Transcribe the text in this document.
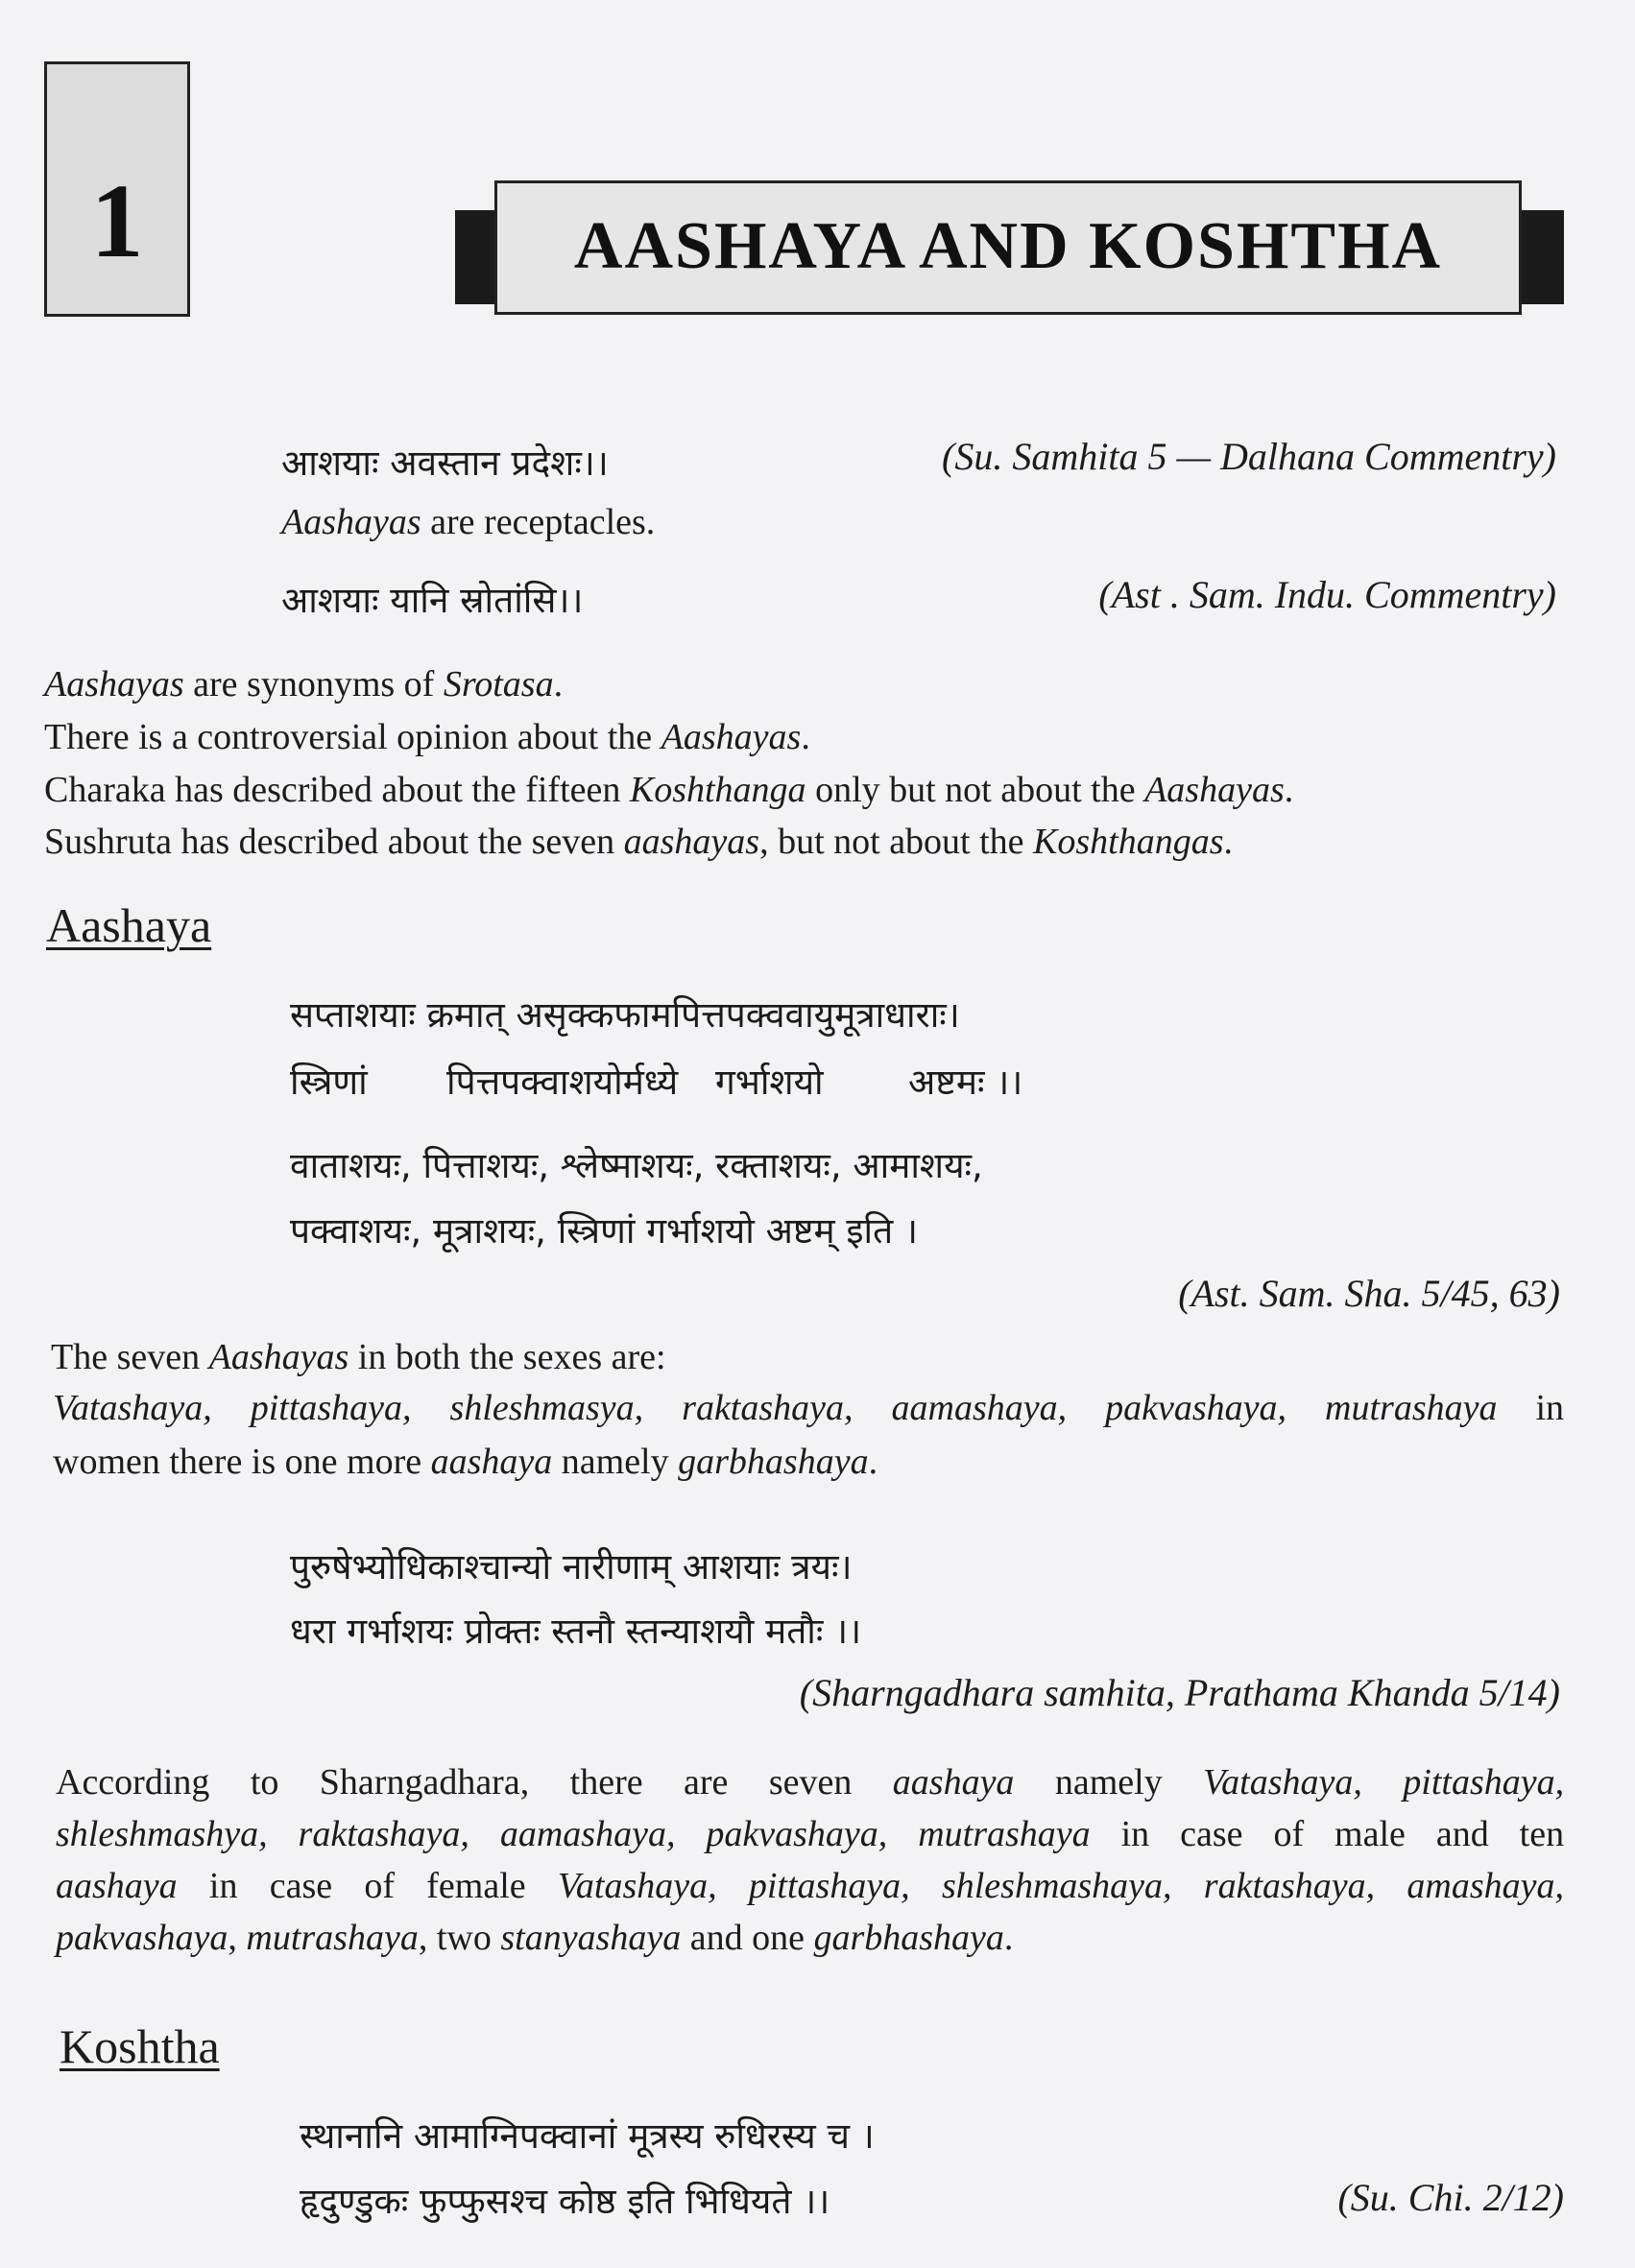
1	AASHAYA AND KOSHTHA
आशयाः अवस्तान प्रदेशः।।	(Su. Samhita 5 — Dalhana Commentry)
Aashayas are receptacles.
आशयाः यानि स्रोतांसि।।	(Ast . Sam. Indu. Commentry)
Aashayas are synonyms of Srotasa.
There is a controversial opinion about the Aashayas.
Charaka has described about the fifteen Koshthanga only but not about the Aashayas.
Sushruta has described about the seven aashayas, but not about the Koshthangas.
Aashaya
सप्ताशयाः क्रमात् असृक्कफामपित्तपक्ववायुमूत्राधाराः।
स्त्रिणां पित्तपक्वाशयोर्मध्ये गर्भाशयो अष्टमः ।।
वाताशयः, पित्ताशयः, श्लेष्माशयः, रक्ताशयः, आमाशयः,
पक्वाशयः, मूत्राशयः, स्त्रिणां गर्भाशयो अष्टम् इति ।
(Ast. Sam. Sha. 5/45, 63)
The seven Aashayas in both the sexes are:
Vatashaya, pittashaya, shleshmasya, raktashaya, aamashaya, pakvashaya, mutrashaya in
women there is one more aashaya namely garbhashaya.
पुरुषेभ्योधिकाश्चान्यो नारीणाम् आशयाः त्रयः।
धरा गर्भाशयः प्रोक्तः स्तनौ स्तन्याशयौ मतौः ।।
(Sharngadhara samhita, Prathama Khanda 5/14)
According to Sharngadhara, there are seven aashaya namely Vatashaya, pittashaya,
shleshmashya, raktashaya, aamashaya, pakvashaya, mutrashaya in case of male and ten
aashaya in case of female Vatashaya, pittashaya, shleshmashaya, raktashaya, amashaya,
pakvashaya, mutrashaya, two stanyashaya and one garbhashaya.
Koshtha
स्थानानि आमाग्निपक्वानां मूत्रस्य रुधिरस्य च ।
हृदुण्डुकः फुप्फुसश्च कोष्ठ इति भिधियते ।।	(Su. Chi. 2/12)
